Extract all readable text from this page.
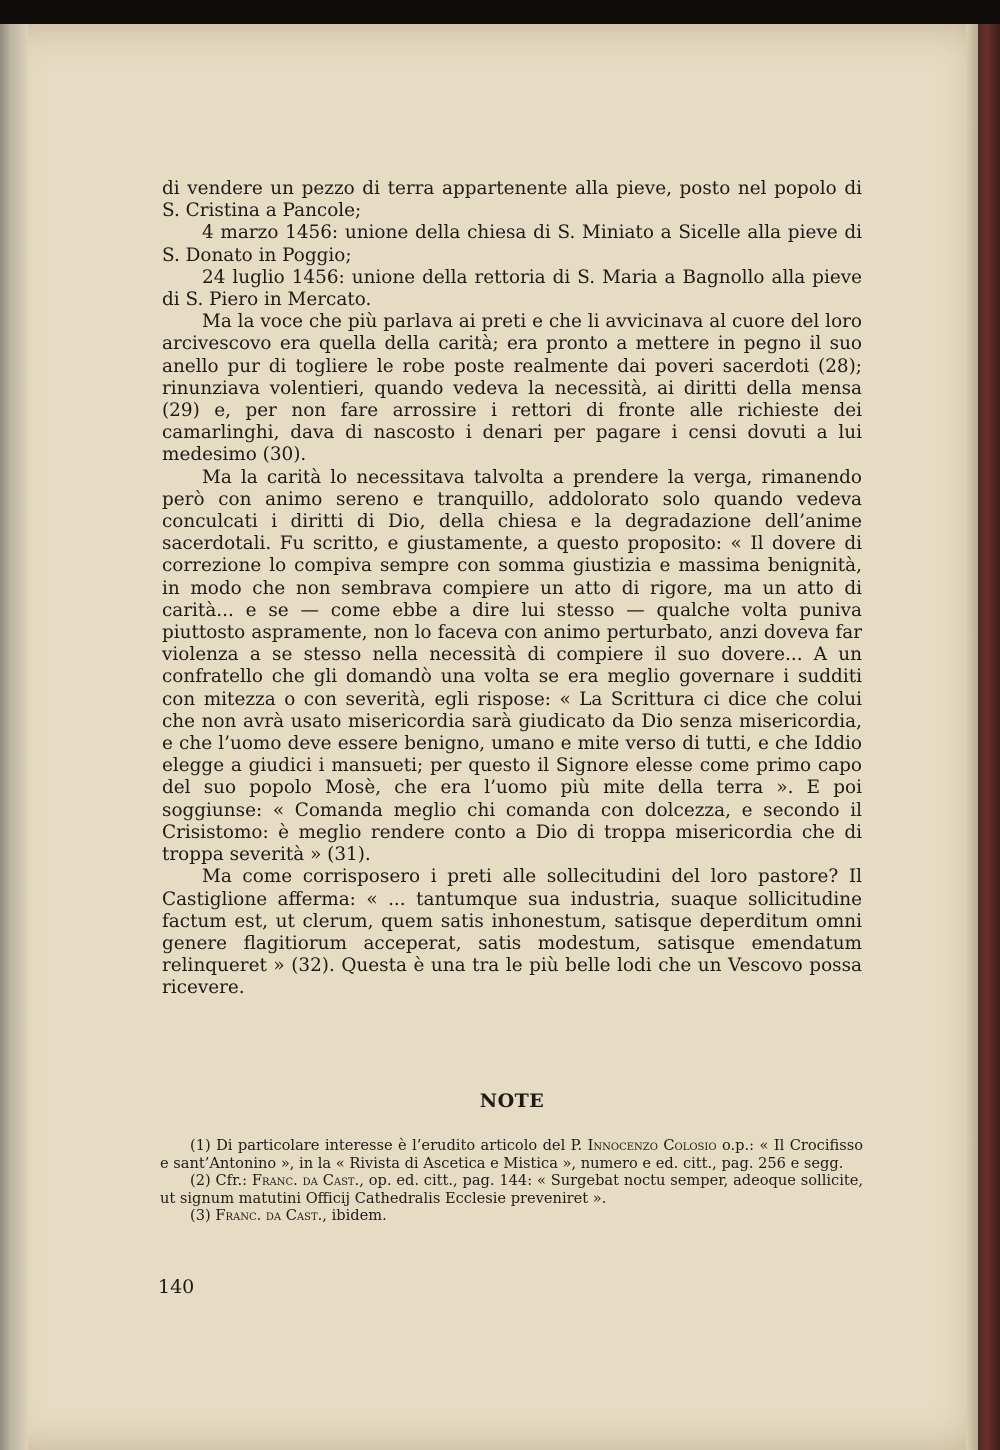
di vendere un pezzo di terra appartenente alla pieve, posto nel popolo di S. Cristina a Pancole;

4 marzo 1456: unione della chiesa di S. Miniato a Sicelle alla pieve di S. Donato in Poggio;

24 luglio 1456: unione della rettoria di S. Maria a Bagnollo alla pieve di S. Piero in Mercato.

Ma la voce che più parlava ai preti e che li avvicinava al cuore del loro arcivescovo era quella della carità; era pronto a mettere in pegno il suo anello pur di togliere le robe poste realmente dai poveri sacerdoti (28); rinunziava volentieri, quando vedeva la necessità, ai diritti della mensa (29) e, per non fare arrossire i rettori di fronte alle richieste dei camarlinghi, dava di nascosto i denari per pagare i censi dovuti a lui medesimo (30).

Ma la carità lo necessitava talvolta a prendere la verga, rimanendo però con animo sereno e tranquillo, addolorato solo quando vedeva conculcati i diritti di Dio, della chiesa e la degradazione dell’anime sacerdotali. Fu scritto, e giustamente, a questo proposito: « Il dovere di correzione lo compiva sempre con somma giustizia e massima benignità, in modo che non sembrava compiere un atto di rigore, ma un atto di carità... e se — come ebbe a dire lui stesso — qualche volta puniva piuttosto aspramente, non lo faceva con animo perturbato, anzi doveva far violenza a se stesso nella necessità di compiere il suo dovere... A un confratello che gli domandò una volta se era meglio governare i sudditi con mitezza o con severità, egli rispose: « La Scrittura ci dice che colui che non avrà usato misericordia sarà giudicato da Dio senza misericordia, e che l’uomo deve essere benigno, umano e mite verso di tutti, e che Iddio elegge a giudici i mansueti; per questo il Signore elesse come primo capo del suo popolo Mosè, che era l’uomo più mite della terra ». E poi soggiunse: « Comanda meglio chi comanda con dolcezza, e secondo il Crisistomo: è meglio rendere conto a Dio di troppa misericordia che di troppa severità » (31).

Ma come corrisposero i preti alle sollecitudini del loro pastore? Il Castiglione afferma: « ... tantumque sua industria, suaque sollicitudine factum est, ut clerum, quem satis inhonestum, satisque deperditum omni genere flagitiorum acceperat, satis modestum, satisque emendatum relinqueret » (32). Questa è una tra le più belle lodi che un Vescovo possa ricevere.

NOTE

(1) Di particolare interesse è l’erudito articolo del P. Innocenzo Colosio o.p.: « Il Crocifisso e sant’Antonino », in la « Rivista di Ascetica e Mistica », numero e ed. citt., pag. 256 e segg.

(2) Cfr.: Franc. da Cast., op. ed. citt., pag. 144: « Surgebat noctu semper, adeoque sollicite, ut signum matutini Officij Cathedralis Ecclesie preveniret ».

(3) Franc. da Cast., ibidem.

140
